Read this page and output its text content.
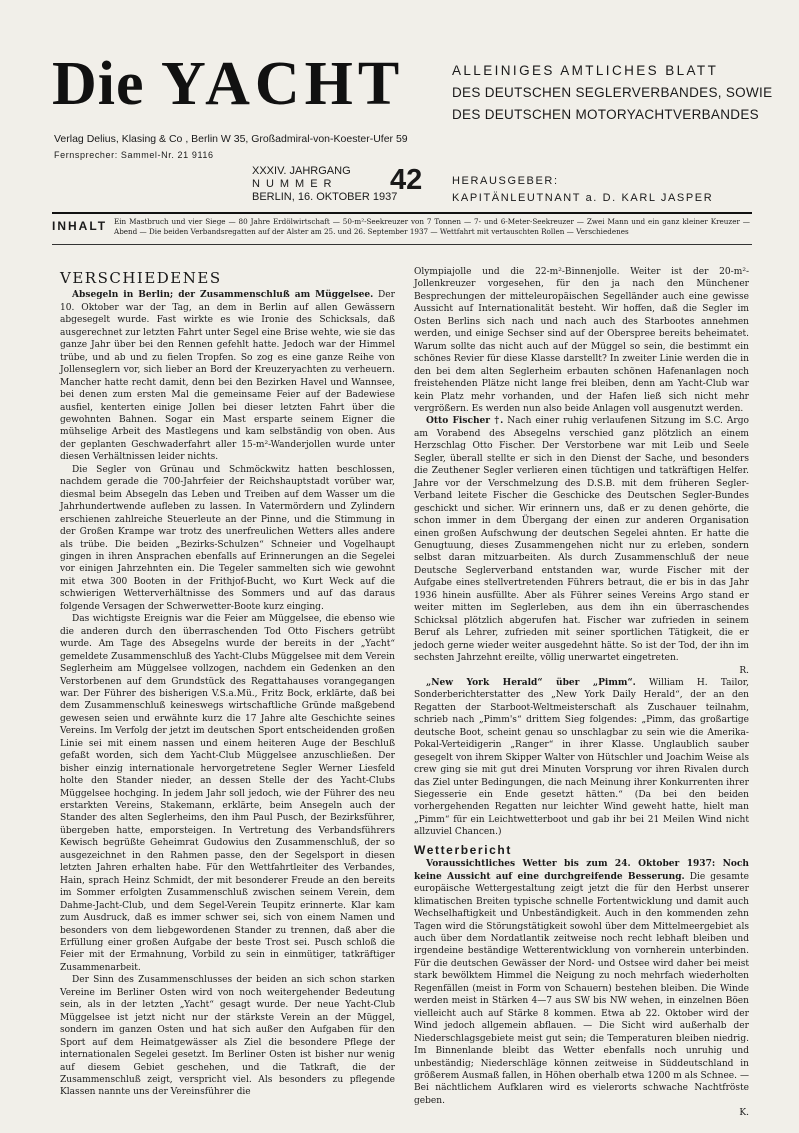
Die YACHT	ALLEINIGES AMTLICHES BLATT
DES DEUTSCHEN SEGLERVERBANDES, SOWIE
DES DEUTSCHEN MOTORYACHTVERBANDES
Verlag Delius, Klasing & Co , Berlin W 35, Großadmiral-von-Koester-Ufer 59
Fernsprecher: Sammel-Nr. 21 9116
XXXIV. JAHRGANG
NUMMER
BERLIN, 16. OKTOBER 1937
42	HERAUSGEBER:
KAPITÄNLEUTNANT a. D. KARL JASPER
INHALT Ein Mastbruch und vier Siege — 80 Jahre Erdölwirtschaft — 50-m²-Seekreuzer von 7 Tonnen — 7- und 6-Meter-Seekreuzer — Zwei Mann und ein ganz kleiner Kreuzer — Abend — Die beiden Verbandsregatten auf der Alster am 25. und 26. September 1937 — Wettfahrt mit vertauschten Rollen — Verschiedenes
VERSCHIEDENES

Absegeln in Berlin; der Zusammenschluß am Müggelsee. Der 10. Oktober war der Tag, an dem in Berlin auf allen Gewässern abgesegelt wurde. Fast wirkte es wie Ironie des Schicksals, daß ausgerechnet zur letzten Fahrt unter Segel eine Brise wehte, wie sie das ganze Jahr über bei den Rennen gefehlt hatte. Jedoch war der Himmel trübe, und ab und zu fielen Tropfen. So zog es eine ganze Reihe von Jollenseglern vor, sich lieber an Bord der Kreuzeryachten zu verheuern. Mancher hatte recht damit, denn bei den Bezirken Havel und Wannsee, bei denen zum ersten Mal die gemeinsame Feier auf der Badewiese ausfiel, kenterten einige Jollen bei dieser letzten Fahrt über die gewohnten Bahnen. Sogar ein Mast ersparte seinem Eigner die mühselige Arbeit des Mastlegens und kam selbständig von oben. Aus der geplanten Geschwaderfahrt aller 15-m²-Wanderjollen wurde unter diesen Verhältnissen leider nichts.

Die Segler von Grünau und Schmöckwitz hatten beschlossen, nachdem gerade die 700-Jahrfeier der Reichshauptstadt vorüber war, diesmal beim Absegeln das Leben und Treiben auf dem Wasser um die Jahrhundertwende aufleben zu lassen. In Vatermördern und Zylindern erschienen zahlreiche Steuerleute an der Pinne, und die Stimmung in der Großen Krampe war trotz des unerfreulichen Wetters alles andere als trübe. Die beiden „Bezirks-Schulzen“ Schneier und Vogelhaupt gingen in ihren Ansprachen ebenfalls auf Erinnerungen an die Segelei vor einigen Jahrzehnten ein. Die Tegeler sammelten sich wie gewohnt mit etwa 300 Booten in der Frithjof-Bucht, wo Kurt Weck auf die schwierigen Wetterverhältnisse des Sommers und auf das daraus folgende Versagen der Schwerwetter-Boote kurz einging.

Das wichtigste Ereignis war die Feier am Müggelsee, die ebenso wie die anderen durch den überraschenden Tod Otto Fischers getrübt wurde. Am Tage des Absegelns wurde der bereits in der „Yacht“ gemeldete Zusammenschluß des Yacht-Clubs Müggelsee mit dem Verein Seglerheim am Müggelsee vollzogen, nachdem ein Gedenken an den Verstorbenen auf dem Grundstück des Regattahauses vorangegangen war. Der Führer des bisherigen V.S.a.Mü., Fritz Bock, erklärte, daß bei dem Zusammenschluß keineswegs wirtschaftliche Gründe maßgebend gewesen seien und erwähnte kurz die 17 Jahre alte Geschichte seines Vereins. Im Verfolg der jetzt im deutschen Sport entscheidenden großen Linie sei mit einem nassen und einem heiteren Auge der Beschluß gefaßt worden, sich dem Yacht-Club Müggelsee anzuschließen. Der bisher einzig internationale hervorgetretene Segler Werner Liesfeld holte den Stander nieder, an dessen Stelle der des Yacht-Clubs Müggelsee hochging. In jedem Jahr soll jedoch, wie der Führer des neu erstarkten Vereins, Stakemann, erklärte, beim Ansegeln auch der Stander des alten Seglerheims, den ihm Paul Pusch, der Bezirksführer, übergeben hatte, emporsteigen. In Vertretung des Verbandsführers Kewisch begrüßte Geheimrat Gudowius den Zusammenschluß, der so ausgezeichnet in den Rahmen passe, den der Segelsport in diesen letzten Jahren erhalten habe. Für den Wettfahrtleiter des Verbandes, Hain, sprach Heinz Schmidt, der mit besonderer Freude an den bereits im Sommer erfolgten Zusammenschluß zwischen seinem Verein, dem Dahme-Jacht-Club, und dem Segel-Verein Teupitz erinnerte. Klar kam zum Ausdruck, daß es immer schwer sei, sich von einem Namen und besonders von dem liebgewordenen Stander zu trennen, daß aber die Erfüllung einer großen Aufgabe der beste Trost sei. Pusch schloß die Feier mit der Ermahnung, Vorbild zu sein in einmütiger, tatkräftiger Zusammenarbeit.

Der Sinn des Zusammenschlusses der beiden an sich schon starken Vereine im Berliner Osten wird von noch weitergehender Bedeutung sein, als in der letzten „Yacht“ gesagt wurde. Der neue Yacht-Club Müggelsee ist jetzt nicht nur der stärkste Verein an der Müggel, sondern im ganzen Osten und hat sich außer den Aufgaben für den Sport auf dem Heimatgewässer als Ziel die besondere Pflege der internationalen Segelei gesetzt. Im Berliner Osten ist bisher nur wenig auf diesem Gebiet geschehen, und die Tatkraft, die der Zusammenschluß zeigt, verspricht viel. Als besonders zu pflegende Klassen nannte uns der Vereinsführer die

Olympiajolle und die 22-m²-Binnenjolle. Weiter ist der 20-m²-Jollenkreuzer vorgesehen, für den ja nach den Münchener Besprechungen der mitteleuropäischen Segelländer auch eine gewisse Aussicht auf Internationalität besteht. Wir hoffen, daß die Segler im Osten Berlins sich nach und nach auch des Starbootes annehmen werden, und einige Sechser sind auf der Oberspree bereits beheimatet. Warum sollte das nicht auch auf der Müggel so sein, die bestimmt ein schönes Revier für diese Klasse darstellt? In zweiter Linie werden die in den bei dem alten Seglerheim erbauten schönen Hafenanlagen noch freistehenden Plätze nicht lange frei bleiben, denn am Yacht-Club war kein Platz mehr vorhanden, und der Hafen ließ sich nicht mehr vergrößern. Es werden nun also beide Anlagen voll ausgenutzt werden.

Otto Fischer †. Nach einer ruhig verlaufenen Sitzung im S.C. Argo am Vorabend des Absegelns verschied ganz plötzlich an einem Herzschlag Otto Fischer. Der Verstorbene war mit Leib und Seele Segler, überall stellte er sich in den Dienst der Sache, und besonders die Zeuthener Segler verlieren einen tüchtigen und tatkräftigen Helfer. Jahre vor der Verschmelzung des D.S.B. mit dem früheren Segler-Verband leitete Fischer die Geschicke des Deutschen Segler-Bundes geschickt und sicher. Wir erinnern uns, daß er zu denen gehörte, die schon immer in dem Übergang der einen zur anderen Organisation einen großen Aufschwung der deutschen Segelei ahnten. Er hatte die Genugtuung, dieses Zusammengehen nicht nur zu erleben, sondern selbst daran mitzuarbeiten. Als durch Zusammenschluß der neue Deutsche Seglerverband entstanden war, wurde Fischer mit der Aufgabe eines stellvertretenden Führers betraut, die er bis in das Jahr 1936 hinein ausfüllte. Aber als Führer seines Vereins Argo stand er weiter mitten im Seglerleben, aus dem ihn ein überraschendes Schicksal plötzlich abgerufen hat. Fischer war zufrieden in seinem Beruf als Lehrer, zufrieden mit seiner sportlichen Tätigkeit, die er jedoch gerne wieder weiter ausgedehnt hätte. So ist der Tod, der ihn im sechsten Jahrzehnt ereilte, völlig unerwartet eingetreten.
R.

„New York Herald“ über „Pimm“. William H. Tailor, Sonderberichterstatter des „New York Daily Herald“, der an den Regatten der Starboot-Weltmeisterschaft als Zuschauer teilnahm, schrieb nach „Pimm's“ drittem Sieg folgendes: „Pimm, das großartige deutsche Boot, scheint genau so unschlagbar zu sein wie die Amerika-Pokal-Verteidigerin „Ranger“ in ihrer Klasse. Unglaublich sauber gesegelt von ihrem Skipper Walter von Hütschler und Joachim Weise als crew ging sie mit gut drei Minuten Vorsprung vor ihren Rivalen durch das Ziel unter Bedingungen, die nach Meinung ihrer Konkurrenten ihrer Siegesserie ein Ende gesetzt hätten.“ (Da bei den beiden vorhergehenden Regatten nur leichter Wind geweht hatte, hielt man „Pimm“ für ein Leichtwetterboot und gab ihr bei 21 Meilen Wind nicht allzuviel Chancen.)

Wetterbericht

Voraussichtliches Wetter bis zum 24. Oktober 1937: Noch keine Aussicht auf eine durchgreifende Besserung. Die gesamte europäische Wettergestaltung zeigt jetzt die für den Herbst unserer klimatischen Breiten typische schnelle Fortentwicklung und damit auch Wechselhaftigkeit und Unbeständigkeit. Auch in den kommenden zehn Tagen wird die Störungstätigkeit sowohl über dem Mittelmeergebiet als auch über dem Nordatlantik zeitweise noch recht lebhaft bleiben und irgendeine beständige Wetterentwicklung von vornherein unterbinden. Für die deutschen Gewässer der Nord- und Ostsee wird daher bei meist stark bewölktem Himmel die Neigung zu noch mehrfach wiederholten Regenfällen (meist in Form von Schauern) bestehen bleiben. Die Winde werden meist in Stärken 4—7 aus SW bis NW wehen, in einzelnen Böen vielleicht auch auf Stärke 8 kommen. Etwa ab 22. Oktober wird der Wind jedoch allgemein abflauen. — Die Sicht wird außerhalb der Niederschlagsgebiete meist gut sein; die Temperaturen bleiben niedrig. Im Binnenlande bleibt das Wetter ebenfalls noch unruhig und unbeständig; Niederschläge können zeitweise in Süddeutschland in größerem Ausmaß fallen, in Höhen oberhalb etwa 1200 m als Schnee. — Bei nächtlichem Aufklaren wird es vielerorts schwache Nachtfröste geben.
K.
